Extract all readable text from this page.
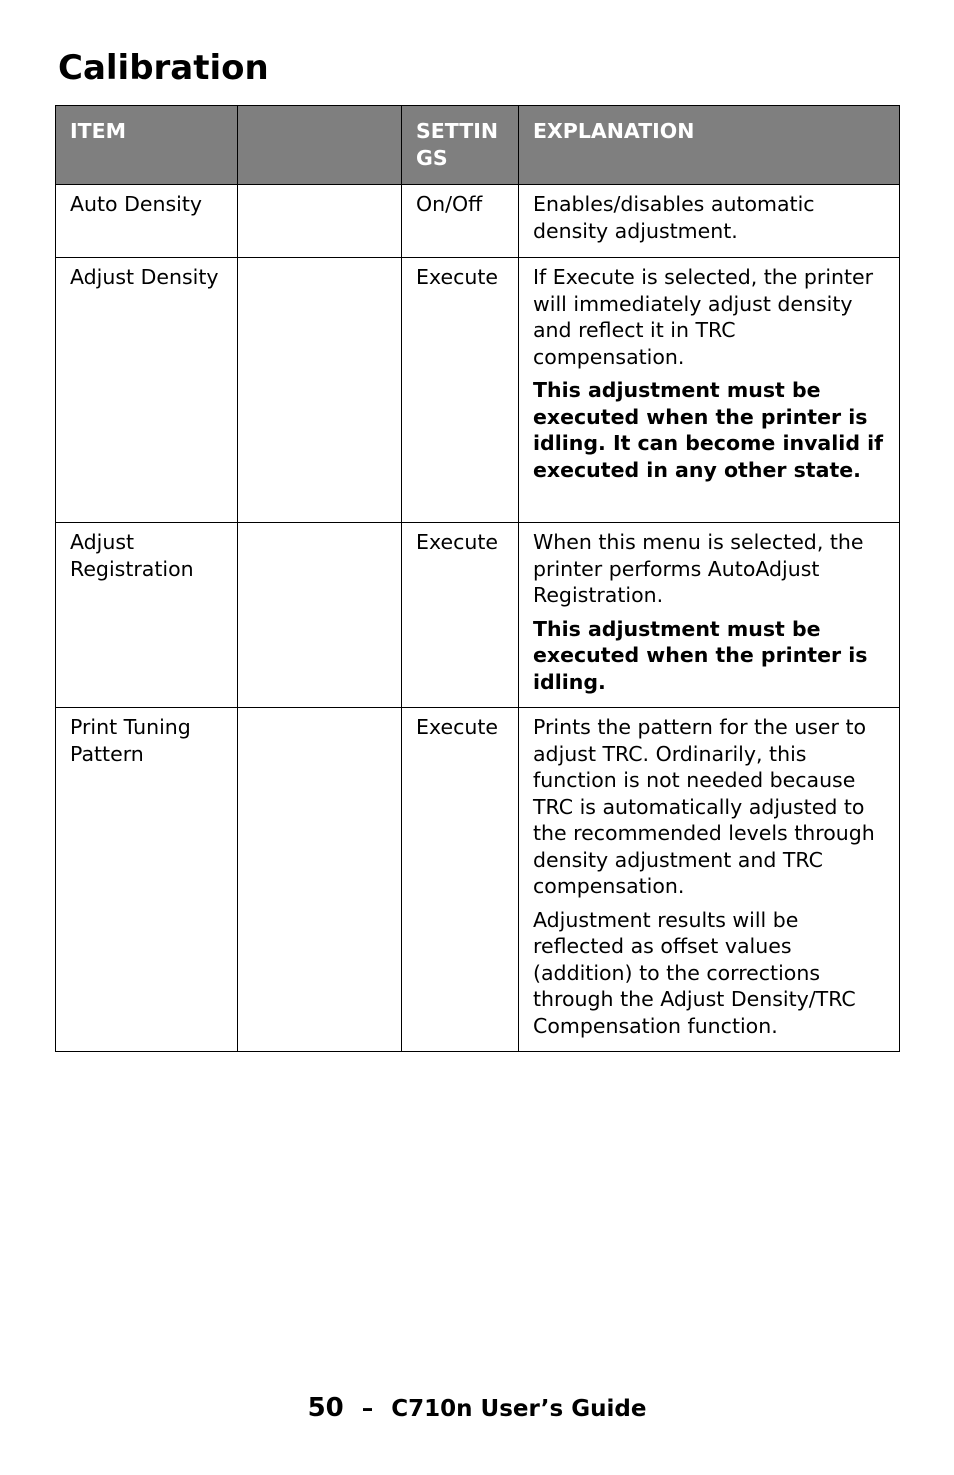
Calibration
ITEM		SETTINGS	EXPLANATION
Auto Density		On/Off	Enables/disables automatic density adjustment.

Adjust Density		Execute	If Execute is selected, the printer will immediately adjust density and reflect it in TRC compensation.

This adjustment must be executed when the printer is idling. It can become invalid if executed in any other state.

Adjust Registration		Execute	When this menu is selected, the printer performs AutoAdjust Registration.

This adjustment must be executed when the printer is idling.

Print Tuning Pattern		Execute	Prints the pattern for the user to adjust TRC. Ordinarily, this function is not needed because TRC is automatically adjusted to the recommended levels through density adjustment and TRC compensation.

Adjustment results will be reflected as offset values (addition) to the corrections through the Adjust Density/TRC Compensation function.

50 – C710n User’s Guide
